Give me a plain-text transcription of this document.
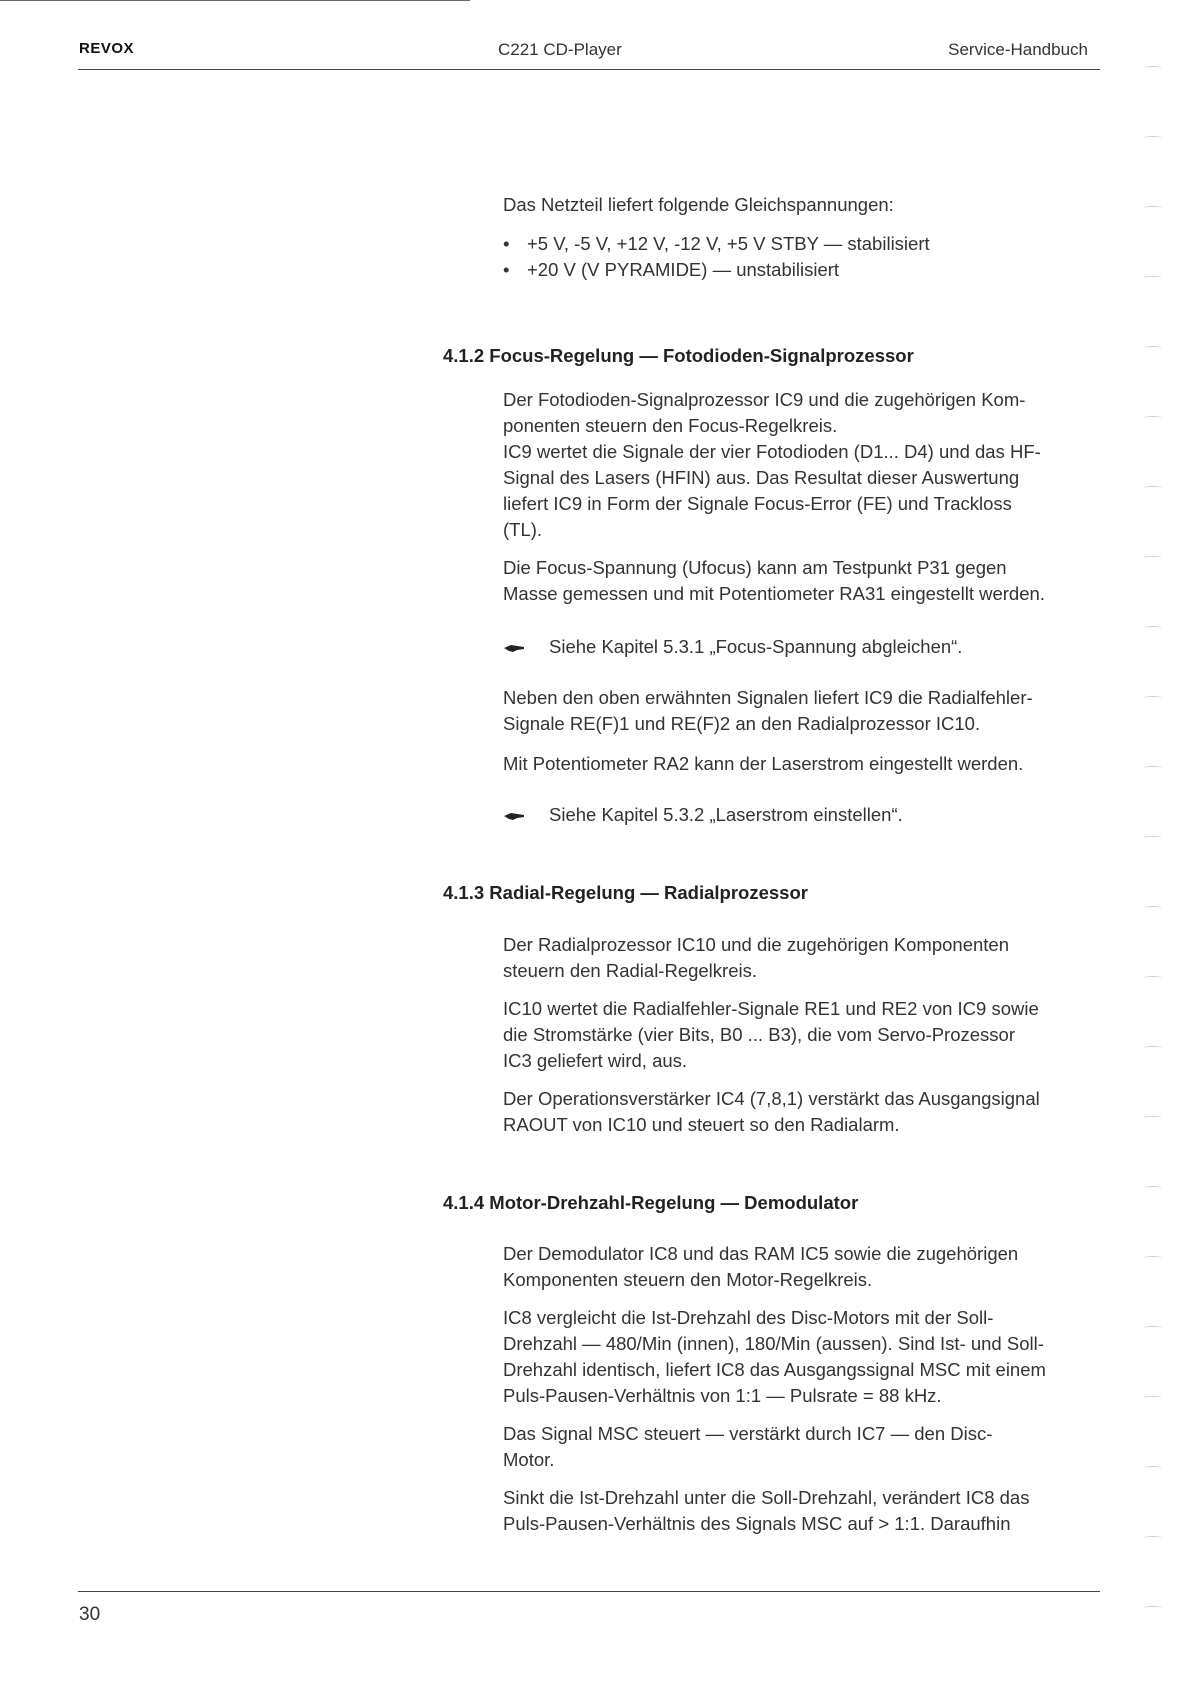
REVOX	C221 CD-Player	Service-Handbuch

Das Netzteil liefert folgende Gleichspannungen:

• +5 V, -5 V, +12 V, -12 V, +5 V STBY — stabilisiert
• +20 V (V PYRAMIDE) — unstabilisiert
4.1.2 Focus-Regelung — Fotodioden-Signalprozessor
Der Fotodioden-Signalprozessor IC9 und die zugehörigen Kom-
ponenten steuern den Focus-Regelkreis.
IC9 wertet die Signale der vier Fotodioden (D1... D4) und das HF-
Signal des Lasers (HFIN) aus. Das Resultat dieser Auswertung
liefert IC9 in Form der Signale Focus-Error (FE) und Trackloss
(TL).
Die Focus-Spannung (Ufocus) kann am Testpunkt P31 gegen
Masse gemessen und mit Potentiometer RA31 eingestellt werden.
Siehe Kapitel 5.3.1 „Focus-Spannung abgleichen“.
Neben den oben erwähnten Signalen liefert IC9 die Radialfehler-
Signale RE(F)1 und RE(F)2 an den Radialprozessor IC10.

Mit Potentiometer RA2 kann der Laserstrom eingestellt werden.

Siehe Kapitel 5.3.2 „Laserstrom einstellen“.
4.1.3 Radial-Regelung — Radialprozessor
Der Radialprozessor IC10 und die zugehörigen Komponenten
steuern den Radial-Regelkreis.
IC10 wertet die Radialfehler-Signale RE1 und RE2 von IC9 sowie
die Stromstärke (vier Bits, B0 ... B3), die vom Servo-Prozessor
IC3 geliefert wird, aus.
Der Operationsverstärker IC4 (7,8,1) verstärkt das Ausgangsignal
RAOUT von IC10 und steuert so den Radialarm.
4.1.4 Motor-Drehzahl-Regelung — Demodulator
Der Demodulator IC8 und das RAM IC5 sowie die zugehörigen
Komponenten steuern den Motor-Regelkreis.
IC8 vergleicht die Ist-Drehzahl des Disc-Motors mit der Soll-
Drehzahl — 480/Min (innen), 180/Min (aussen). Sind Ist- und Soll-
Drehzahl identisch, liefert IC8 das Ausgangssignal MSC mit einem
Puls-Pausen-Verhältnis von 1:1 — Pulsrate = 88 kHz.
Das Signal MSC steuert — verstärkt durch IC7 — den Disc-
Motor.
Sinkt die Ist-Drehzahl unter die Soll-Drehzahl, verändert IC8 das
Puls-Pausen-Verhältnis des Signals MSC auf > 1:1. Daraufhin
30
